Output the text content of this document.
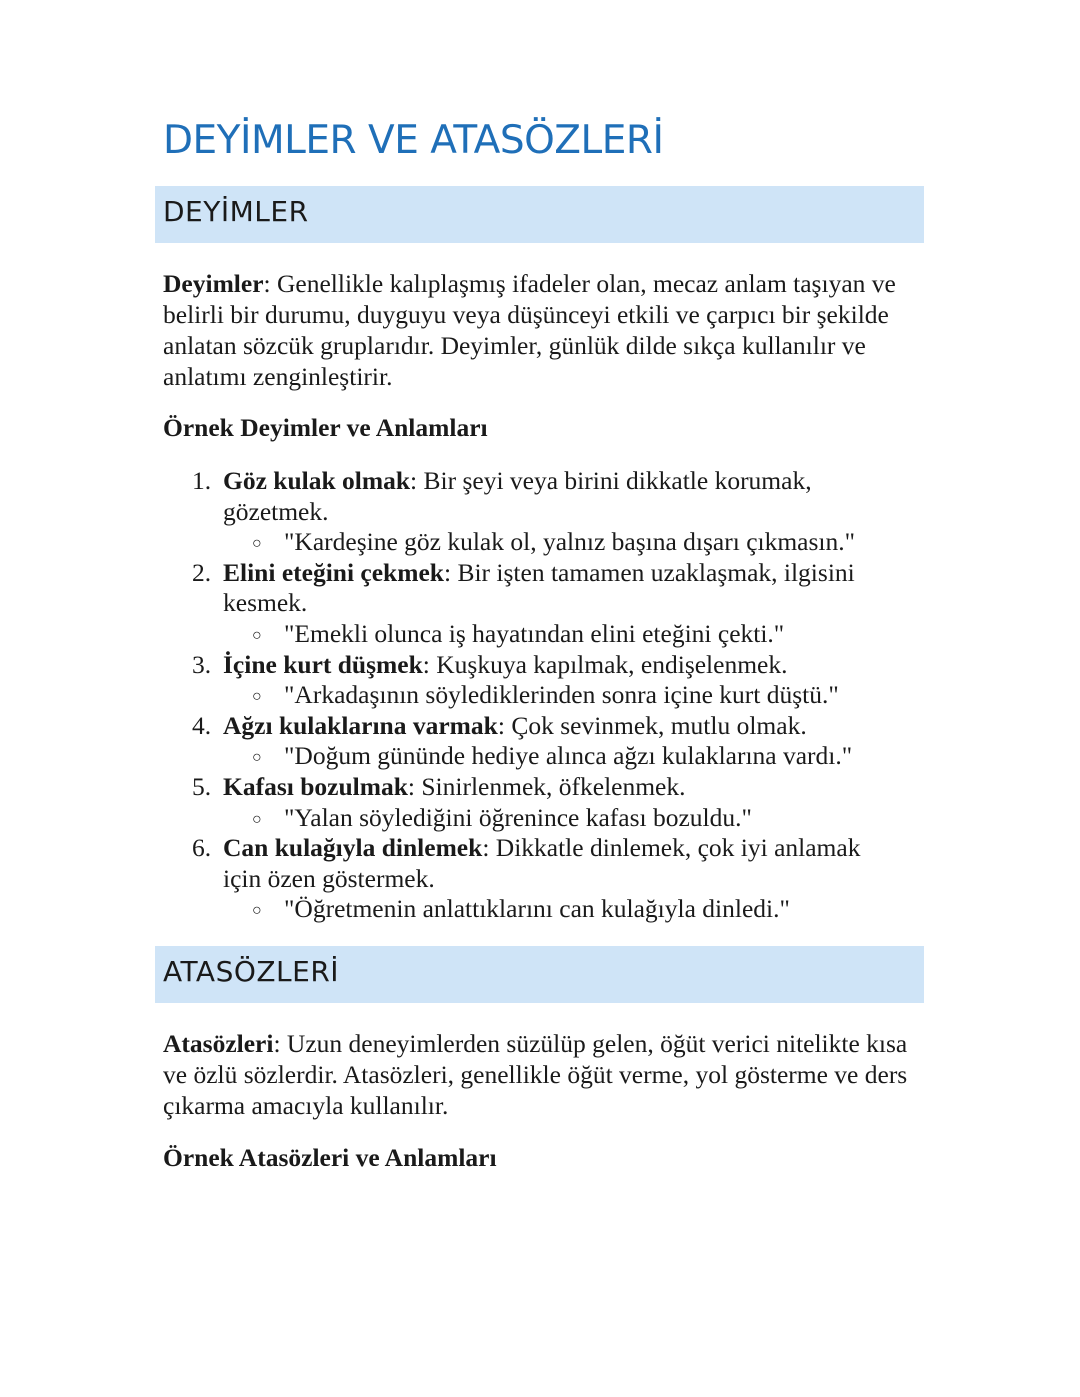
DEYİMLER VE ATASÖZLERİ
DEYİMLER

Deyimler: Genellikle kalıplaşmış ifadeler olan, mecaz anlam taşıyan ve belirli bir durumu, duyguyu veya düşünceyi etkili ve çarpıcı bir şekilde anlatan sözcük gruplarıdır. Deyimler, günlük dilde sıkça kullanılır ve anlatımı zenginleştirir.

Örnek Deyimler ve Anlamları

1. Göz kulak olmak: Bir şeyi veya birini dikkatle korumak, gözetmek.
○ "Kardeşine göz kulak ol, yalnız başına dışarı çıkmasın."
2. Elini eteğini çekmek: Bir işten tamamen uzaklaşmak, ilgisini kesmek.
○ "Emekli olunca iş hayatından elini eteğini çekti."
3. İçine kurt düşmek: Kuşkuya kapılmak, endişelenmek.
○ "Arkadaşının söylediklerinden sonra içine kurt düştü."
4. Ağzı kulaklarına varmak: Çok sevinmek, mutlu olmak.
○ "Doğum gününde hediye alınca ağzı kulaklarına vardı."
5. Kafası bozulmak: Sinirlenmek, öfkelenmek.
○ "Yalan söylediğini öğrenince kafası bozuldu."
6. Can kulağıyla dinlemek: Dikkatle dinlemek, çok iyi anlamak için özen göstermek.
○ "Öğretmenin anlattıklarını can kulağıyla dinledi."
ATASÖZLERİ

Atasözleri: Uzun deneyimlerden süzülüp gelen, öğüt verici nitelikte kısa ve özlü sözlerdir. Atasözleri, genellikle öğüt verme, yol gösterme ve ders çıkarma amacıyla kullanılır.

Örnek Atasözleri ve Anlamları
